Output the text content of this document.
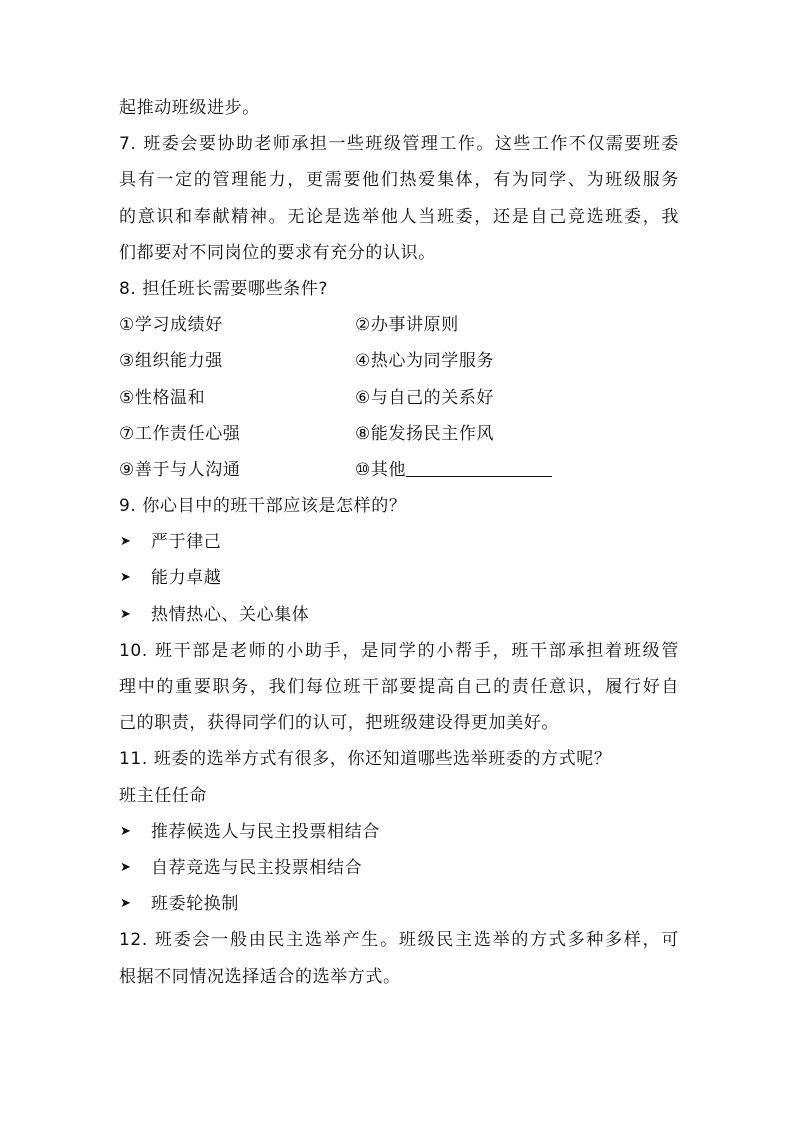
起推动班级进步。
7. 班委会要协助老师承担一些班级管理工作。这些工作不仅需要班委
具有一定的管理能力，更需要他们热爱集体，有为同学、为班级服务
的意识和奉献精神。无论是选举他人当班委，还是自己竞选班委，我
们都要对不同岗位的要求有充分的认识。
8. 担任班长需要哪些条件?
①学习成绩好	②办事讲原则
③组织能力强	④热心为同学服务
⑤性格温和	⑥与自己的关系好
⑦工作责任心强	⑧能发扬民主作风
⑨善于与人沟通	⑩其他
9. 你心目中的班干部应该是怎样的？
➤	严于律己
➤	能力卓越
➤	热情热心、关心集体
10. 班干部是老师的小助手，是同学的小帮手，班干部承担着班级管
理中的重要职务，我们每位班干部要提高自己的责任意识，履行好自
己的职责，获得同学们的认可，把班级建设得更加美好。
11. 班委的选举方式有很多，你还知道哪些选举班委的方式呢？
班主任任命
➤	推荐候选人与民主投票相结合
➤	自荐竞选与民主投票相结合
➤	班委轮换制
12. 班委会一般由民主选举产生。班级民主选举的方式多种多样，可
根据不同情况选择适合的选举方式。
